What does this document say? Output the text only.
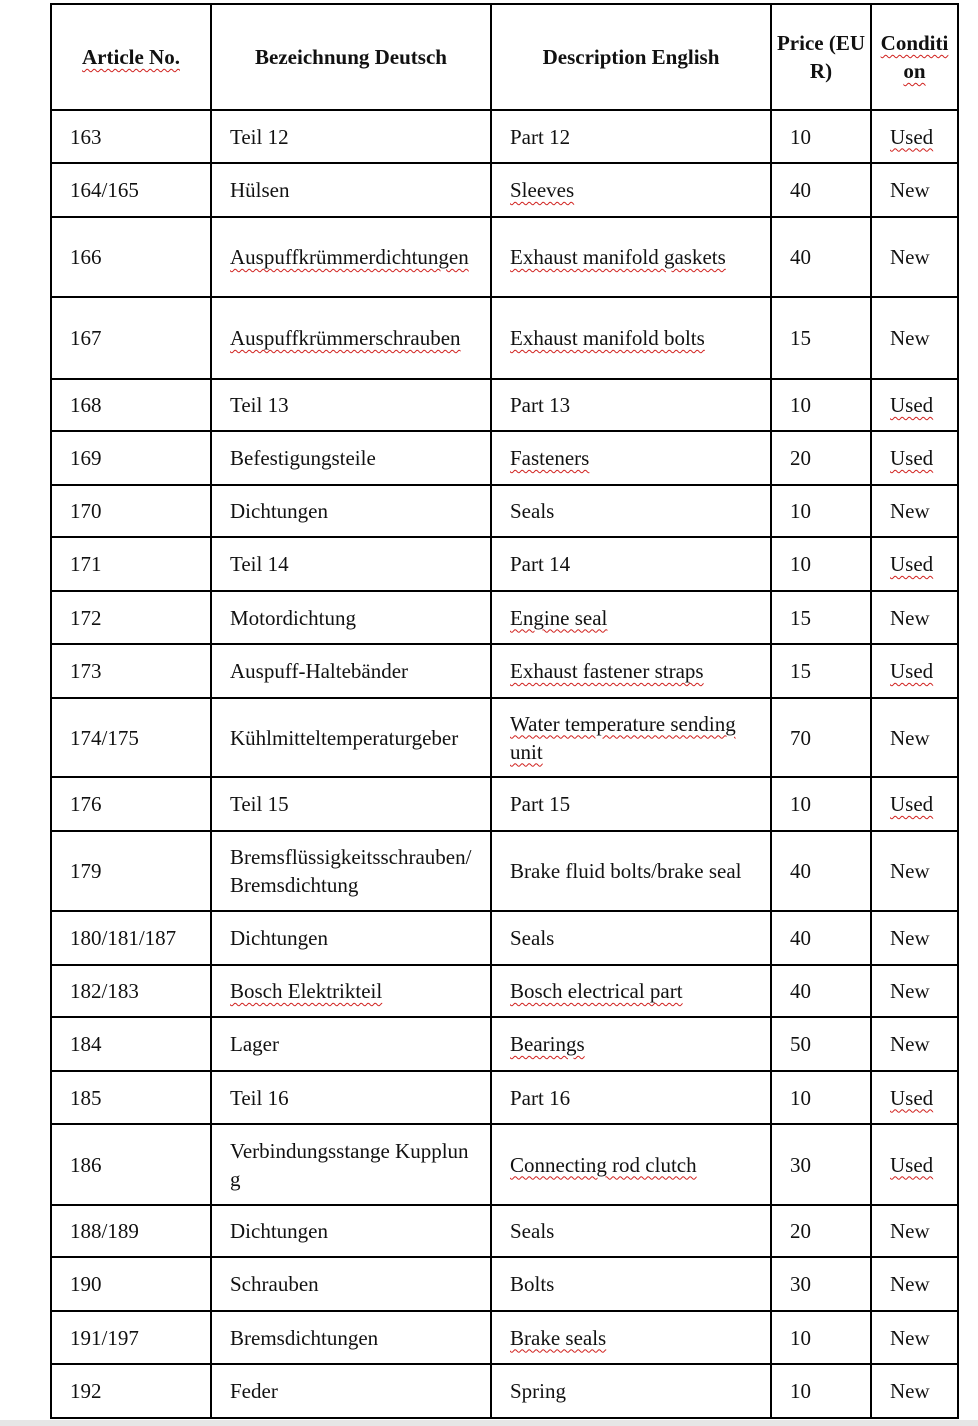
Article No.	Bezeichnung Deutsch	Description English	Price (EUR)	Condition
163	Teil 12	Part 12	10	Used
164/165	Hülsen	Sleeves	40	New
166	Auspuffkrümmerdichtungen	Exhaust manifold gaskets	40	New
167	Auspuffkrümmerschrauben	Exhaust manifold bolts	15	New
168	Teil 13	Part 13	10	Used
169	Befestigungsteile	Fasteners	20	Used
170	Dichtungen	Seals	10	New
171	Teil 14	Part 14	10	Used
172	Motordichtung	Engine seal	15	New
173	Auspuff-Haltebänder	Exhaust fastener straps	15	Used
174/175	Kühlmitteltemperaturgeber	Water temperature sending unit	70	New
176	Teil 15	Part 15	10	Used
179	Bremsflüssigkeitsschrauben/Bremsdichtung	Brake fluid bolts/brake seal	40	New
180/181/187	Dichtungen	Seals	40	New
182/183	Bosch Elektrikteil	Bosch electrical part	40	New
184	Lager	Bearings	50	New
185	Teil 16	Part 16	10	Used
186	Verbindungsstange Kupplung	Connecting rod clutch	30	Used
188/189	Dichtungen	Seals	20	New
190	Schrauben	Bolts	30	New
191/197	Bremsdichtungen	Brake seals	10	New
192	Feder	Spring	10	New
